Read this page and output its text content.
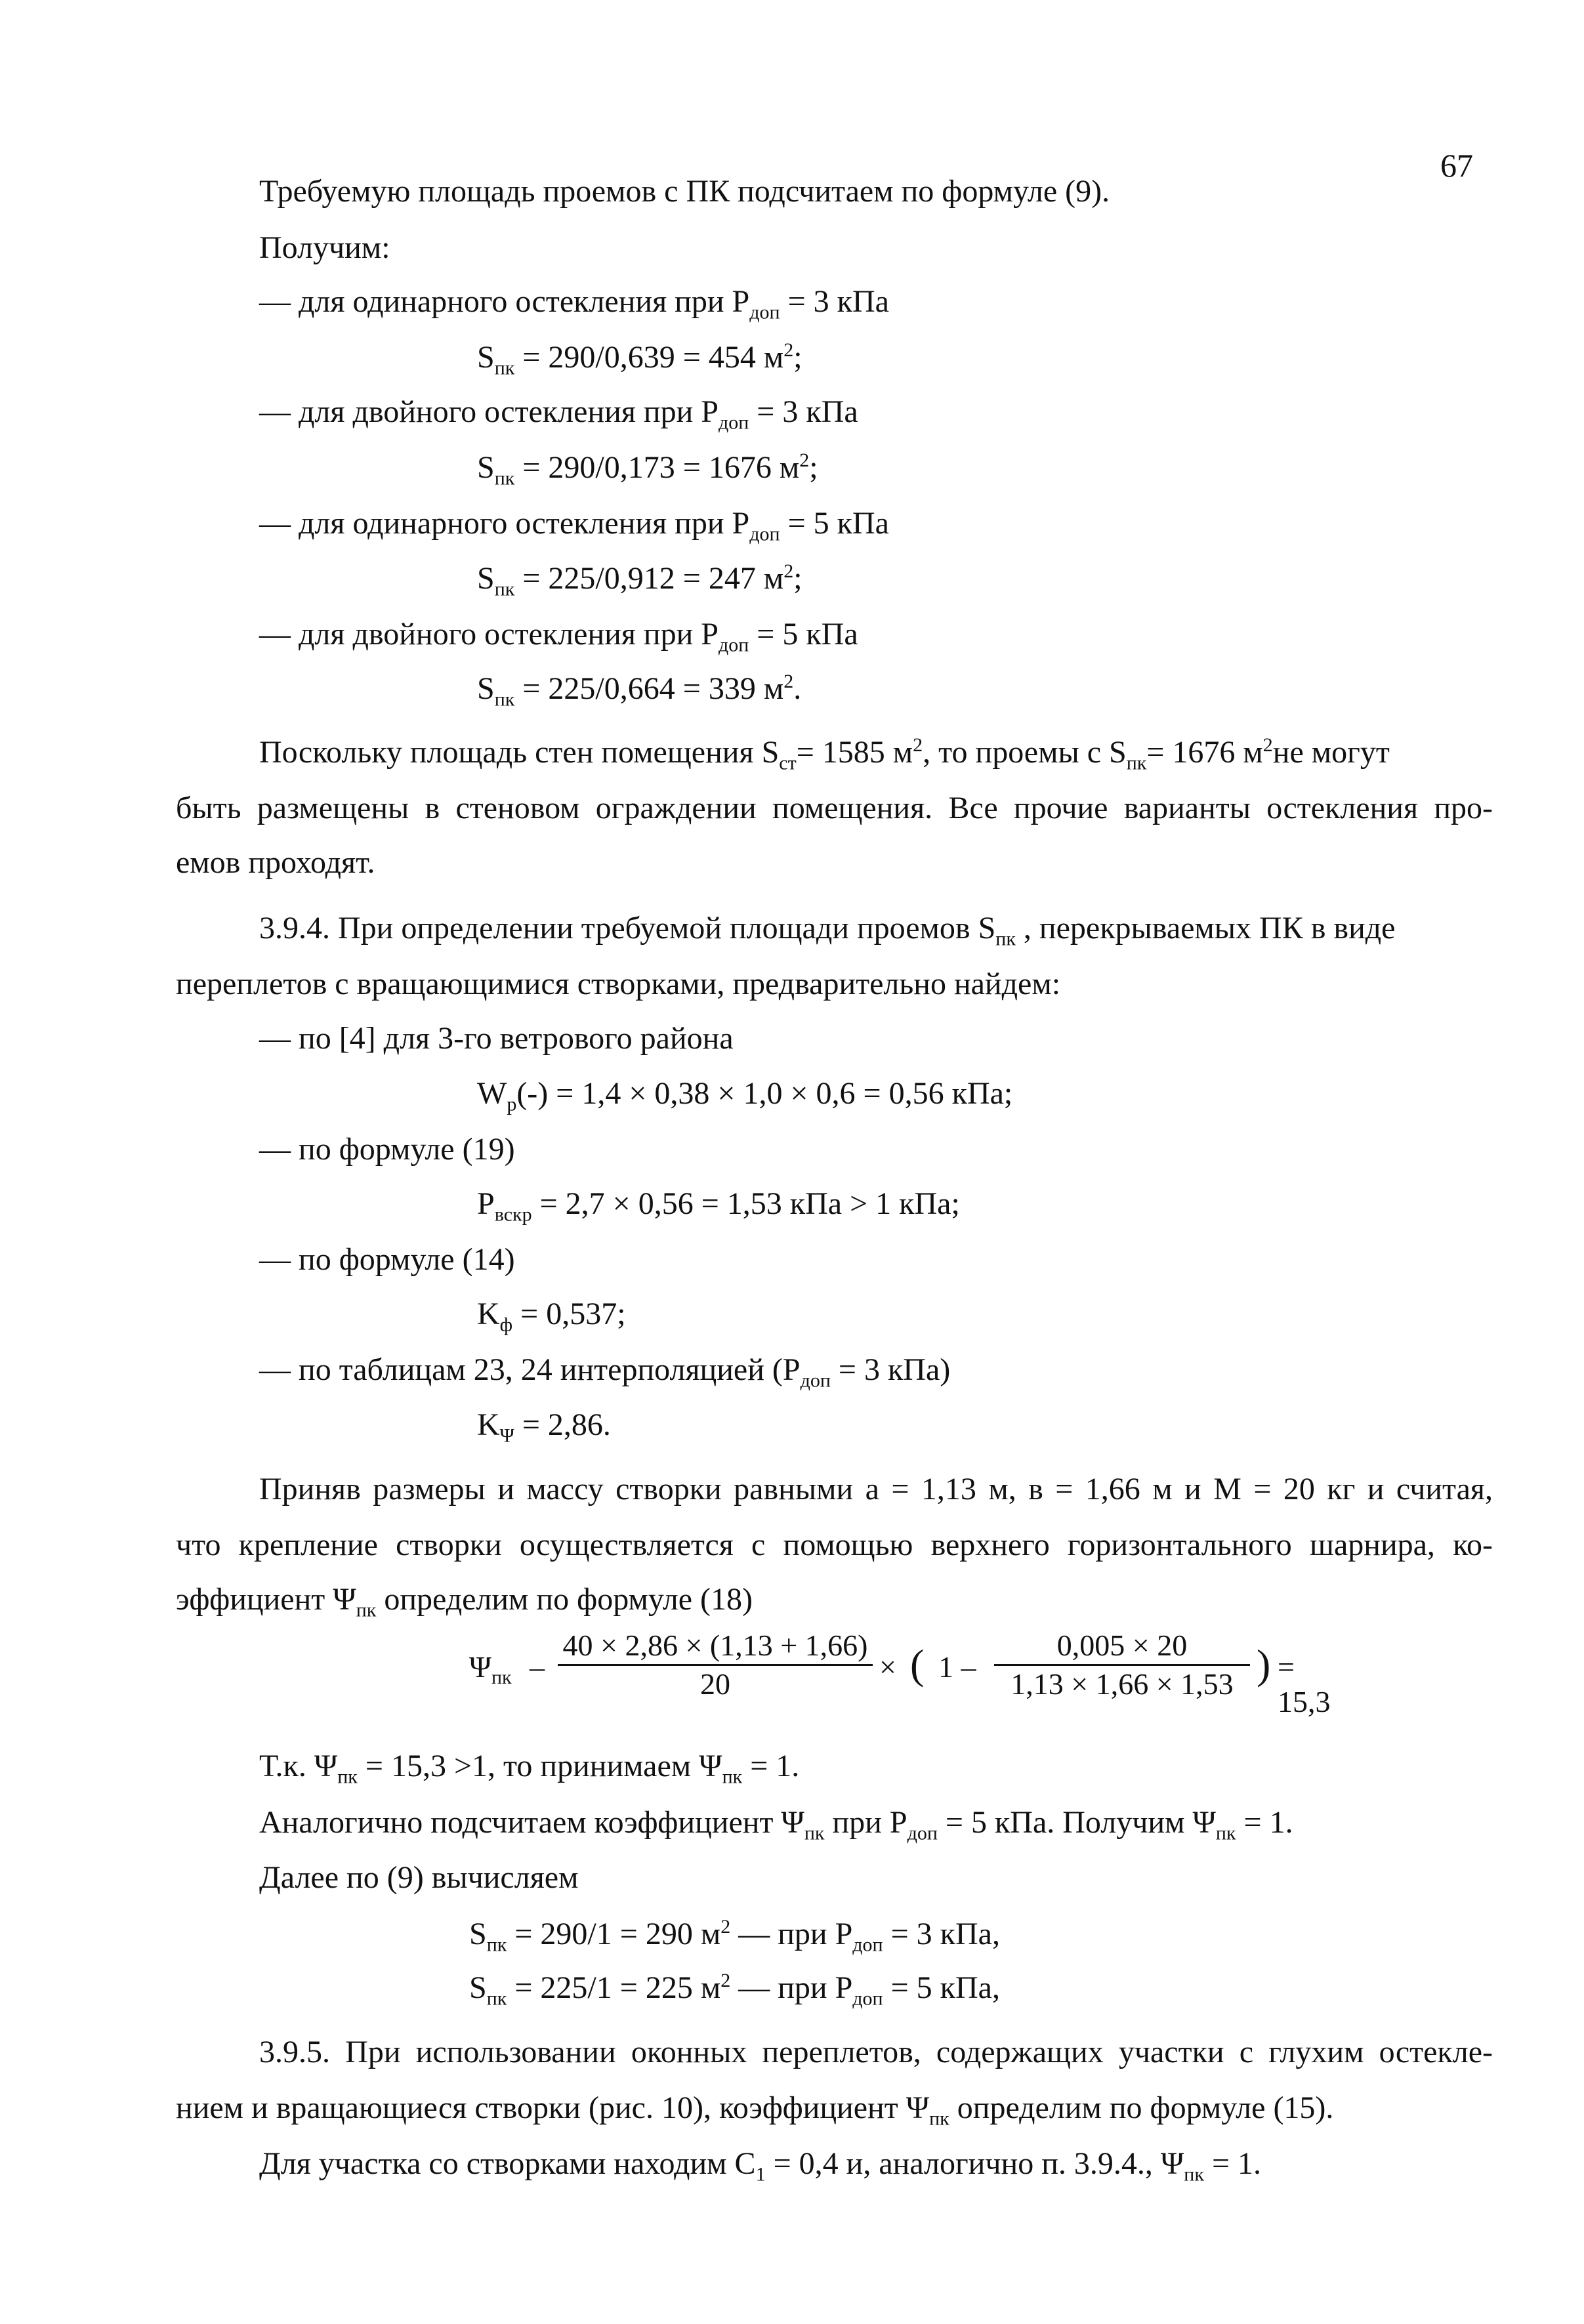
67
Требуемую площадь проемов с ПК подсчитаем по формуле (9).
Получим:
— для одинарного остекления при $Р_{доп} = 3$ кПа
$S_{пк} = 290/0,639 = 454$ $м^2$;
— для двойного остекления при $Р_{доп} = 3$ кПа
$S_{пк} = 290/0,173 = 1676$ $м^2$;
— для одинарного остекления при $Р_{доп} = 5$ кПа
$S_{пк} = 225/0,912 = 247$ $м^2$;
— для двойного остекления при $Р_{доп} = 5$ кПа
$S_{пк} = 225/0,664 = 339$ $м^2$.
Поскольку площадь стен помещения $S_{ст}= 1585$ $м^2$, то проемы с $S_{пк}= 1676$ $м^2не$ могут
быть размещены в стеновом ограждении помещения. Все прочие варианты остекления про-
емов проходят.
3.9.4. При определении требуемой площади проемов $S_{пк}$ , перекрываемых ПК в виде
переплетов с вращающимися створками, предварительно найдем:
— по [4] для 3-го ветрового района
$W_p(-) = 1,4 \times 0,38 \times 1,0 \times 0,6 = 0,56$ кПа;
— по формуле (19)
$P_{вскр} = 2,7 \times 0,56 = 1,53$ кПа > 1 кПа;
— по формуле (14)
$K_ф = 0,537$;
— по таблицам 23, 24 интерполяцией ($Р_{доп} = 3$ кПа)
$K_\Psi = 2,86$.
Приняв размеры и массу створки равными а = 1,13 м, в = 1,66 м и М = 20 кг и считая,
что крепление створки осуществляется с помощью верхнего горизонтального шарнира, ко-
эффициент $\Psi_{пк}$ определим по формуле (18)
$\Psi_{пк}$ –
40 × 2,86 × (1,13 + 1,66)
20
× ( 1 –
0,005 × 20
1,13 × 1,66 × 1,53 ) = 15,3
Т.к. $\Psi_{пк} = 15,3 >1$, то принимаем $\Psi_{пк} = 1$.
Аналогично подсчитаем коэффициент $\Psi_{пк}$ при $Р_{доп} = 5$ кПа. Получим $\Psi_{пк} = 1$.
Далее по (9) вычисляем
$S_{пк} = 290/1 = 290$ $м^2$ — при $Р_{доп} = 3$ кПа,
$S_{пк} = 225/1 = 225$ $м^2$ — при $Р_{доп} = 5$ кПа,
3.9.5. При использовании оконных переплетов, содержащих участки с глухим остекле-
нием и вращающиеся створки (рис. 10), коэффициент $\Psi_{пк}$ определим по формуле (15).
Для участка со створками находим $С_1 = 0,4$ и, аналогично п. 3.9.4., $\Psi_{пк} = 1$.
